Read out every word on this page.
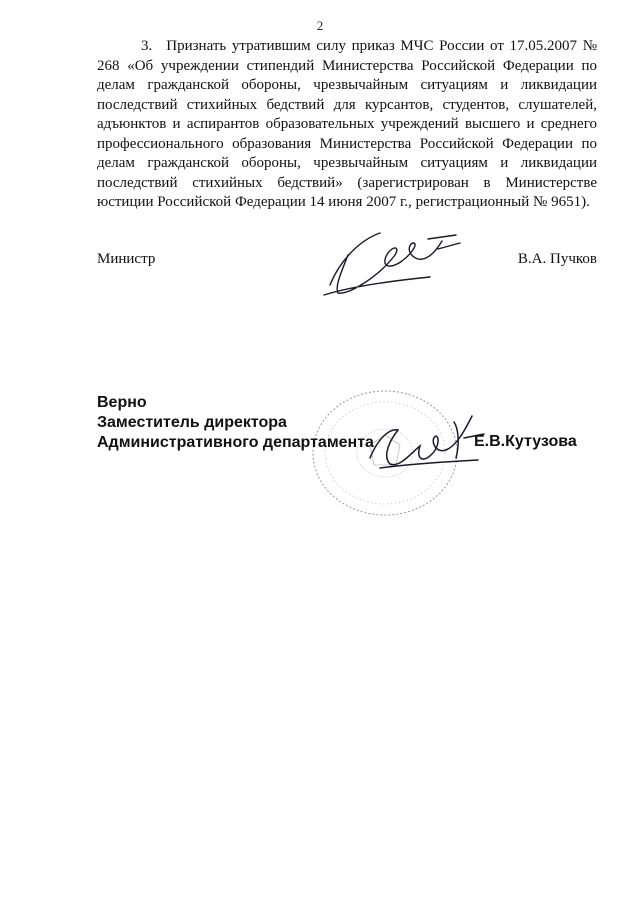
2

3. Признать утратившим силу приказ МЧС России от 17.05.2007 № 268 «Об учреждении стипендий Министерства Российской Федерации по делам гражданской обороны, чрезвычайным ситуациям и ликвидации последствий стихийных бедствий для курсантов, студентов, слушателей, адъюнктов и аспирантов образовательных учреждений высшего и среднего профессионального образования Министерства Российской Федерации по делам гражданской обороны, чрезвычайным ситуациям и ликвидации последствий стихийных бедствий» (зарегистрирован в Министерстве юстиции Российской Федерации 14 июня 2007 г., регистрационный № 9651).

Министр	В.А. Пучков
Верно
Заместитель директора
Административного департамента	Е.В.Кутузова
